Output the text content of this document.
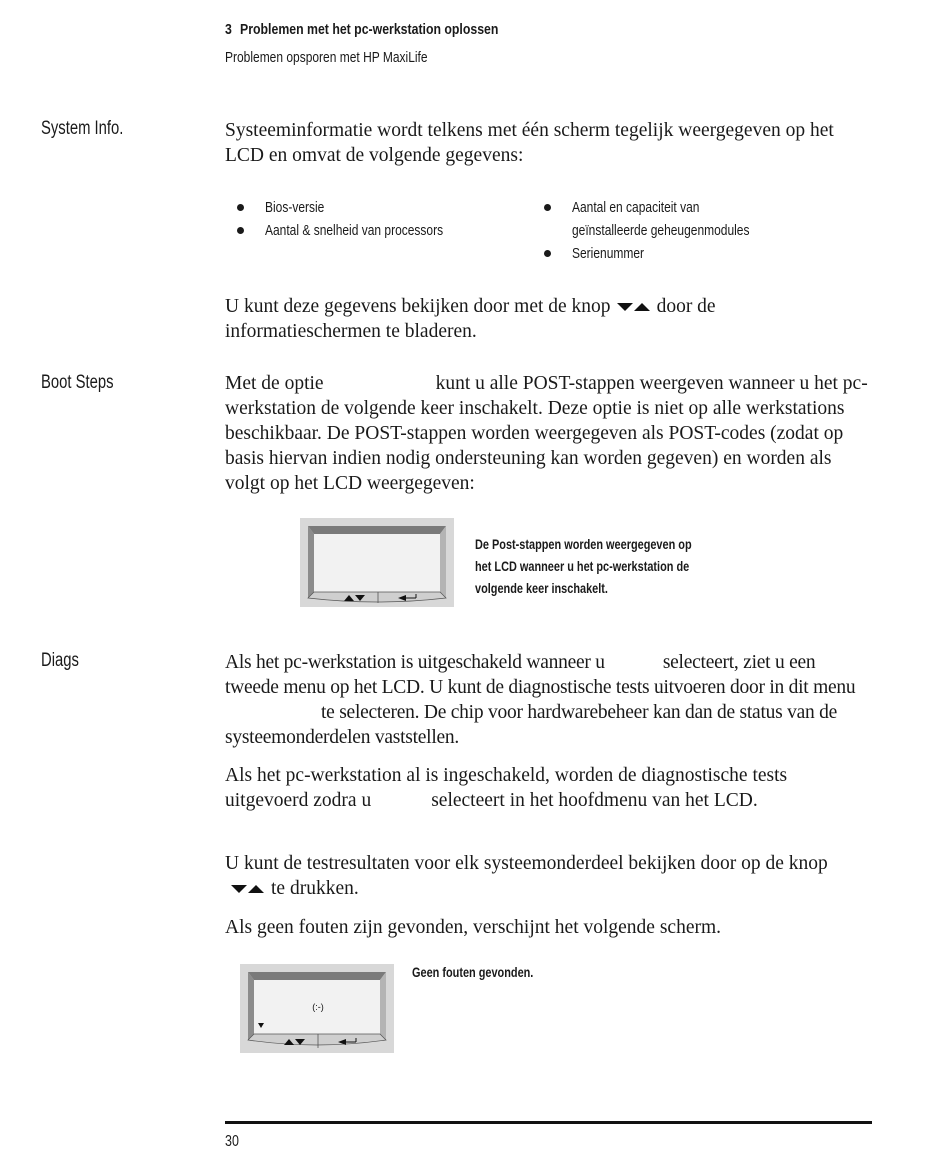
3 Problemen met het pc-werkstation oplossen
Problemen opsporen met HP MaxiLife
System Info.	Systeeminformatie wordt telkens met één scherm tegelijk weergegeven op het LCD en omvat de volgende gegevens:

Bios-versie
Aantal & snelheid van processors
Aantal en capaciteit van
geïnstalleerde geheugenmodules
Serienummer

U kunt deze gegevens bekijken door met de knop door de informatieschermen te bladeren.

Boot Steps	Met de optie	kunt u alle POST-stappen weergeven wanneer u het pc-werkstation de volgende keer inschakelt. Deze optie is niet op alle werkstations beschikbaar. De POST-stappen worden weergegeven als POST-codes (zodat op basis hiervan indien nodig ondersteuning kan worden gegeven) en worden als volgt op het LCD weergegeven:

De Post-stappen worden weergegeven op
het LCD wanneer u het pc-werkstation de
volgende keer inschakelt.
Diags	Als het pc-werkstation is uitgeschakeld wanneer u	selecteert, ziet u een tweede menu op het LCD. U kunt de diagnostische tests uitvoeren door in dit menute selecteren. De chip voor hardwarebeheer kan dan de status van de systeemonderdelen vaststellen.

Als het pc-werkstation al is ingeschakeld, worden de diagnostische tests uitgevoerd zodra u	selecteert in het hoofdmenu van het LCD.

U kunt de testresultaten voor elk systeemonderdeel bekijken door op de knopte drukken.

Als geen fouten zijn gevonden, verschijnt het volgende scherm.

(:-)
Geen fouten gevonden.
30
